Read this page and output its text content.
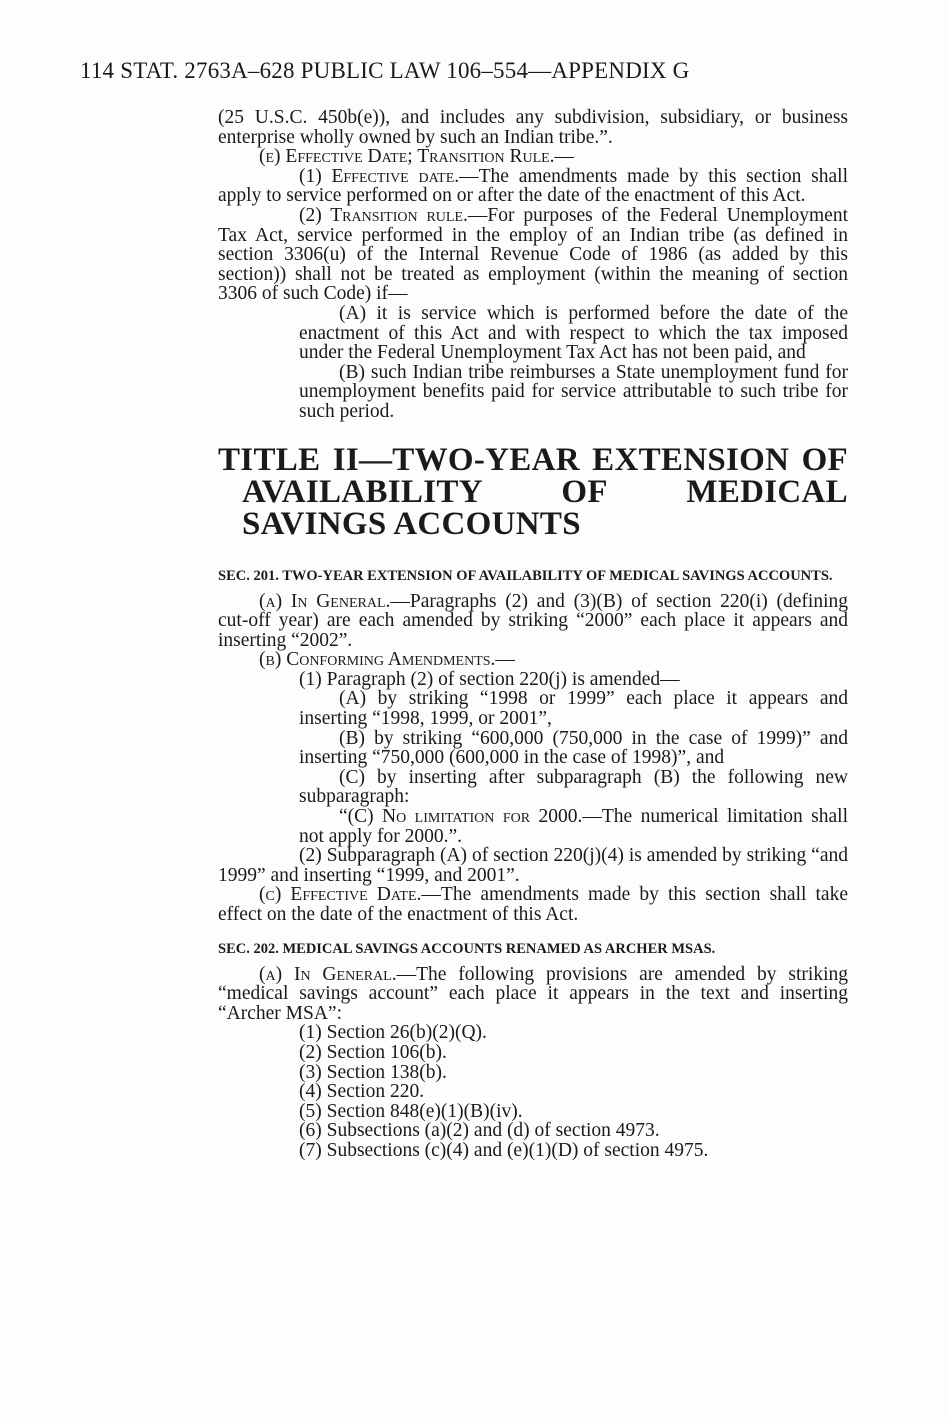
114 STAT. 2763A–628 PUBLIC LAW 106–554—APPENDIX G

(25 U.S.C. 450b(e)), and includes any subdivision, subsidiary, or business enterprise wholly owned by such an Indian tribe.”.

(e) Effective Date; Transition Rule.—

(1) Effective date.—The amendments made by this section shall apply to service performed on or after the date of the enactment of this Act.

(2) Transition rule.—For purposes of the Federal Unemployment Tax Act, service performed in the employ of an Indian tribe (as defined in section 3306(u) of the Internal Revenue Code of 1986 (as added by this section)) shall not be treated as employment (within the meaning of section 3306 of such Code) if—

(A) it is service which is performed before the date of the enactment of this Act and with respect to which the tax imposed under the Federal Unemployment Tax Act has not been paid, and

(B) such Indian tribe reimburses a State unemployment fund for unemployment benefits paid for service attributable to such tribe for such period.

TITLE II—TWO-YEAR EXTENSION OF AVAILABILITY OF MEDICAL SAVINGS ACCOUNTS
SEC. 201. TWO-YEAR EXTENSION OF AVAILABILITY OF MEDICAL SAVINGS ACCOUNTS.

(a) In General.—Paragraphs (2) and (3)(B) of section 220(i) (defining cut-off year) are each amended by striking “2000” each place it appears and inserting “2002”.

(b) Conforming Amendments.—

(1) Paragraph (2) of section 220(j) is amended—

(A) by striking “1998 or 1999” each place it appears and inserting “1998, 1999, or 2001”,

(B) by striking “600,000 (750,000 in the case of 1999)” and inserting “750,000 (600,000 in the case of 1998)”, and

(C) by inserting after subparagraph (B) the following new subparagraph:

“(C) No limitation for 2000.—The numerical limitation shall not apply for 2000.”.

(2) Subparagraph (A) of section 220(j)(4) is amended by striking “and 1999” and inserting “1999, and 2001”.

(c) Effective Date.—The amendments made by this section shall take effect on the date of the enactment of this Act.

SEC. 202. MEDICAL SAVINGS ACCOUNTS RENAMED AS ARCHER MSAS.

(a) In General.—The following provisions are amended by striking “medical savings account” each place it appears in the text and inserting “Archer MSA”:

(1) Section 26(b)(2)(Q).
(2) Section 106(b).
(3) Section 138(b).
(4) Section 220.
(5) Section 848(e)(1)(B)(iv).
(6) Subsections (a)(2) and (d) of section 4973.
(7) Subsections (c)(4) and (e)(1)(D) of section 4975.
